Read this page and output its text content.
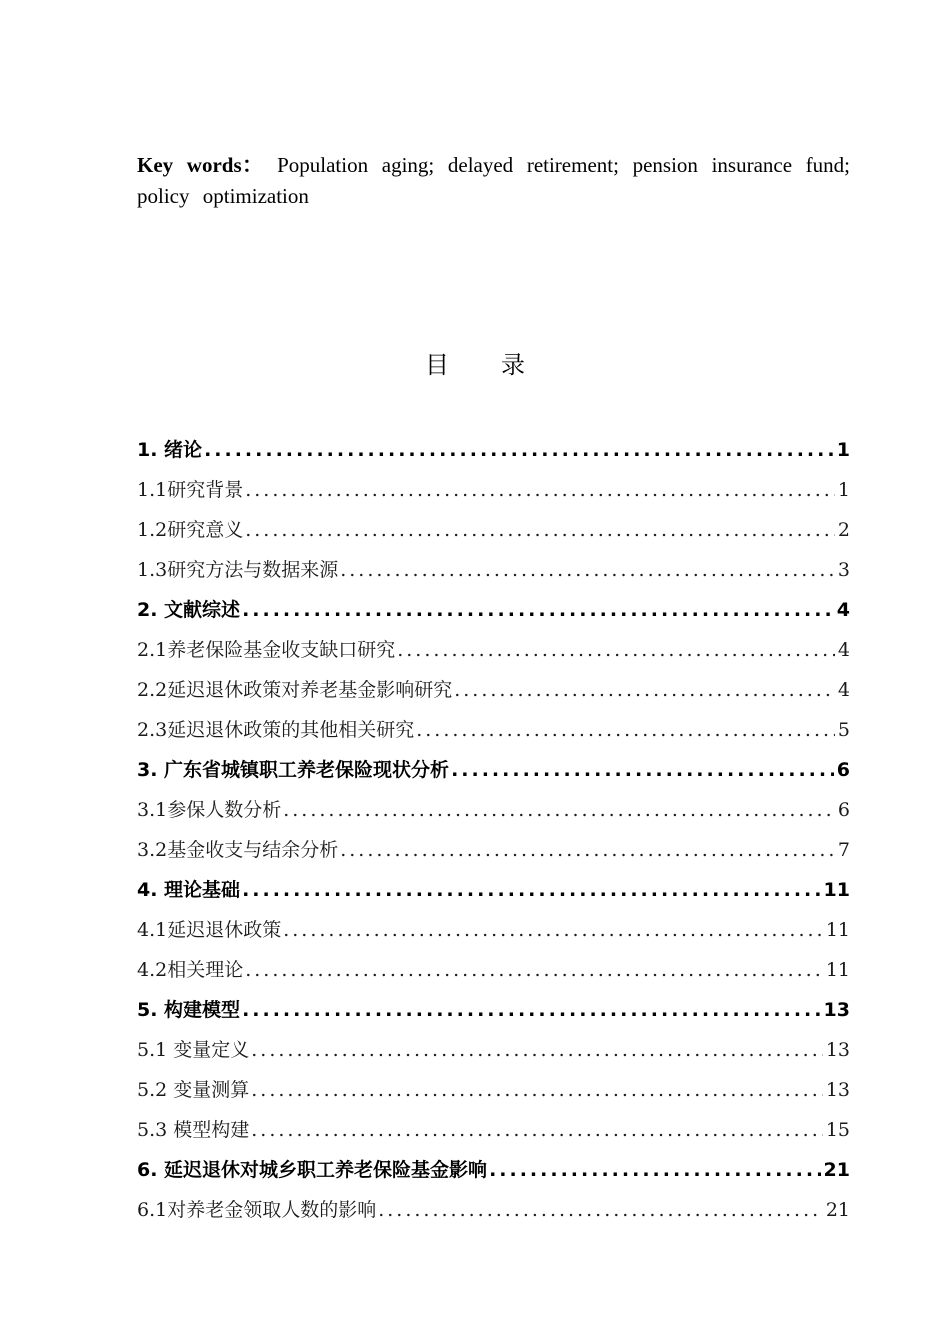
Key words： Population aging; delayed retirement; pension insurance fund; policy optimization
目录
1. 绪论 .....	1
1.1研究背景 .....	1
1.2研究意义 .....	2
1.3研究方法与数据来源 .....	3
2. 文献综述 .....	4
2.1养老保险基金收支缺口研究 .....	4
2.2延迟退休政策对养老基金影响研究 .....	4
2.3延迟退休政策的其他相关研究 .....	5
3. 广东省城镇职工养老保险现状分析 .....	6
3.1参保人数分析 .....	6
3.2基金收支与结余分析 .....	7
4. 理论基础 .....	11
4.1延迟退休政策 .....	11
4.2相关理论 .....	11
5. 构建模型 .....	13
5.1 变量定义 .....	13
5.2 变量测算 .....	13
5.3 模型构建 .....	15
6. 延迟退休对城乡职工养老保险基金影响 .....	21
6.1对养老金领取人数的影响 .....	21
